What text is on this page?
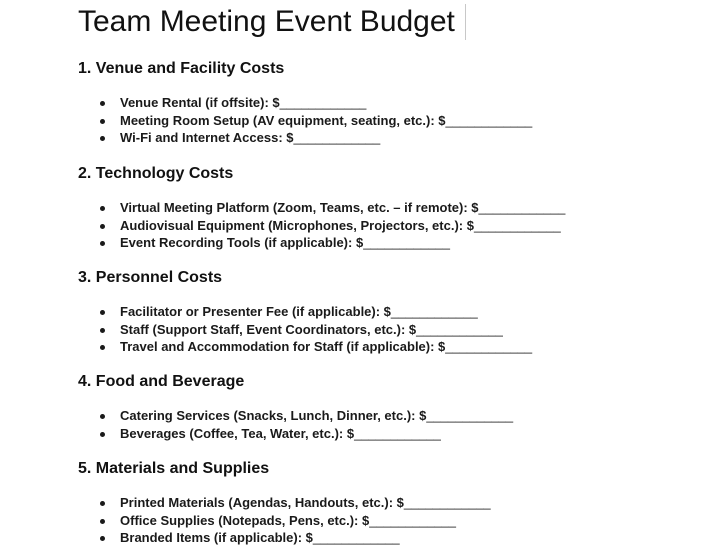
Team Meeting Event Budget
1. Venue and Facility Costs
Venue Rental (if offsite): $____________
Meeting Room Setup (AV equipment, seating, etc.): $____________
Wi-Fi and Internet Access: $____________
2. Technology Costs
Virtual Meeting Platform (Zoom, Teams, etc. – if remote): $____________
Audiovisual Equipment (Microphones, Projectors, etc.): $____________
Event Recording Tools (if applicable): $____________
3. Personnel Costs
Facilitator or Presenter Fee (if applicable): $____________
Staff (Support Staff, Event Coordinators, etc.): $____________
Travel and Accommodation for Staff (if applicable): $____________
4. Food and Beverage
Catering Services (Snacks, Lunch, Dinner, etc.): $____________
Beverages (Coffee, Tea, Water, etc.): $____________
5. Materials and Supplies
Printed Materials (Agendas, Handouts, etc.): $____________
Office Supplies (Notepads, Pens, etc.): $____________
Branded Items (if applicable): $____________
